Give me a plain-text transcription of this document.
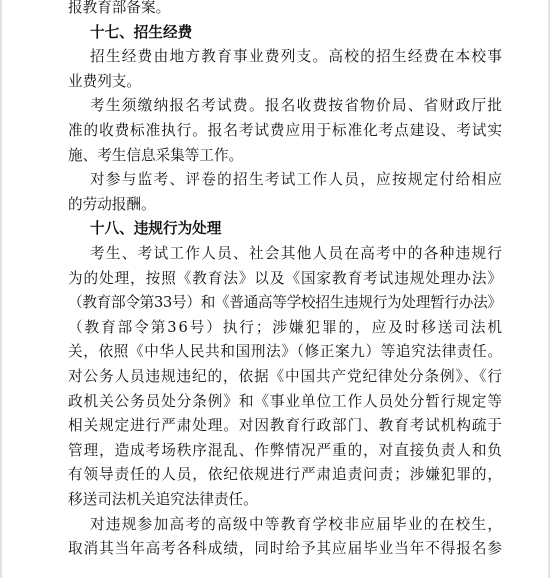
报教育部备案。
十七、招生经费
招生经费由地方教育事业费列支。高校的招生经费在本校事
业费列支。
考生须缴纳报名考试费。报名收费按省物价局、省财政厅批
准的收费标准执行。报名考试费应用于标准化考点建设、考试实
施、考生信息采集等工作。
对参与监考、评卷的招生考试工作人员，应按规定付给相应
的劳动报酬。
十八、违规行为处理
考生、考试工作人员、社会其他人员在高考中的各种违规行
为的处理，按照《教育法》以及《国家教育考试违规处理办法》
（教育部令第33号）和《普通高等学校招生违规行为处理暂行办法》
（教育部令第36号）执行；涉嫌犯罪的，应及时移送司法机
关，依照《中华人民共和国刑法》（修正案九）等追究法律责任。
对公务人员违规违纪的，依据《中国共产党纪律处分条例》、《行
政机关公务员处分条例》和《事业单位工作人员处分暂行规定等
相关规定进行严肃处理。对因教育行政部门、教育考试机构疏于
管理，造成考场秩序混乱、作弊情况严重的，对直接负责人和负
有领导责任的人员，依纪依规进行严肃追责问责；涉嫌犯罪的，
移送司法机关追究法律责任。
对违规参加高考的高级中等教育学校非应届毕业的在校生，
取消其当年高考各科成绩，同时给予其应届毕业当年不得报名参
